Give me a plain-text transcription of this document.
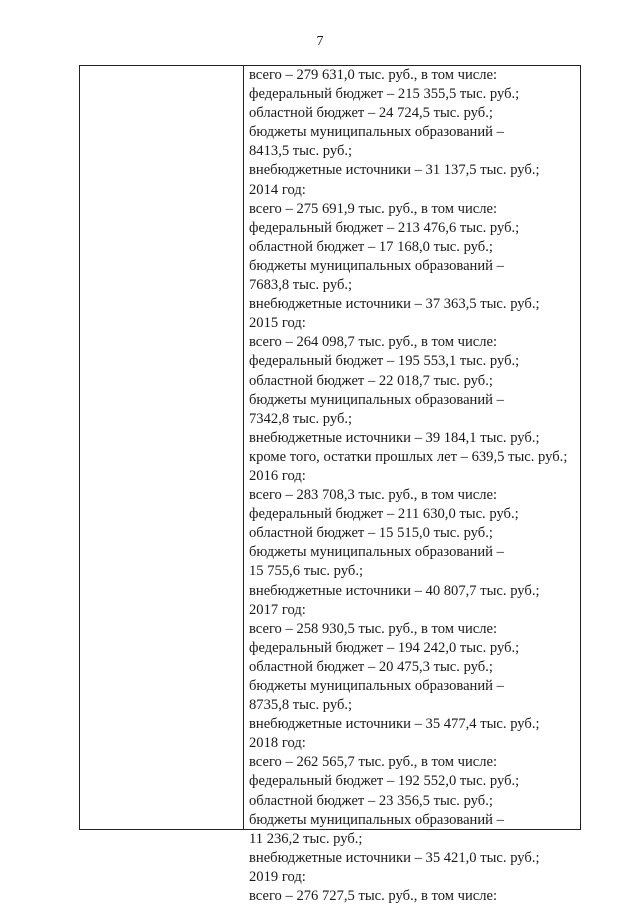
7
всего – 279 631,0 тыс. руб., в том числе:
федеральный бюджет – 215 355,5 тыс. руб.;
областной бюджет – 24 724,5 тыс. руб.;
бюджеты муниципальных образований –
8413,5 тыс. руб.;
внебюджетные источники – 31 137,5 тыс. руб.;
2014 год:
всего – 275 691,9 тыс. руб., в том числе:
федеральный бюджет – 213 476,6 тыс. руб.;
областной бюджет – 17 168,0 тыс. руб.;
бюджеты муниципальных образований –
7683,8 тыс. руб.;
внебюджетные источники – 37 363,5 тыс. руб.;
2015 год:
всего – 264 098,7 тыс. руб., в том числе:
федеральный бюджет – 195 553,1 тыс. руб.;
областной бюджет – 22 018,7 тыс. руб.;
бюджеты муниципальных образований –
7342,8 тыс. руб.;
внебюджетные источники – 39 184,1 тыс. руб.;
кроме того, остатки прошлых лет – 639,5 тыс. руб.;
2016 год:
всего – 283 708,3 тыс. руб., в том числе:
федеральный бюджет – 211 630,0 тыс. руб.;
областной бюджет – 15 515,0 тыс. руб.;
бюджеты муниципальных образований –
15 755,6 тыс. руб.;
внебюджетные источники – 40 807,7 тыс. руб.;
2017 год:
всего – 258 930,5 тыс. руб., в том числе:
федеральный бюджет – 194 242,0 тыс. руб.;
областной бюджет – 20 475,3 тыс. руб.;
бюджеты муниципальных образований –
8735,8 тыс. руб.;
внебюджетные источники – 35 477,4 тыс. руб.;
2018 год:
всего – 262 565,7 тыс. руб., в том числе:
федеральный бюджет – 192 552,0 тыс. руб.;
областной бюджет – 23 356,5 тыс. руб.;
бюджеты муниципальных образований –
11 236,2 тыс. руб.;
внебюджетные источники – 35 421,0 тыс. руб.;
2019 год:
всего – 276 727,5 тыс. руб., в том числе:
